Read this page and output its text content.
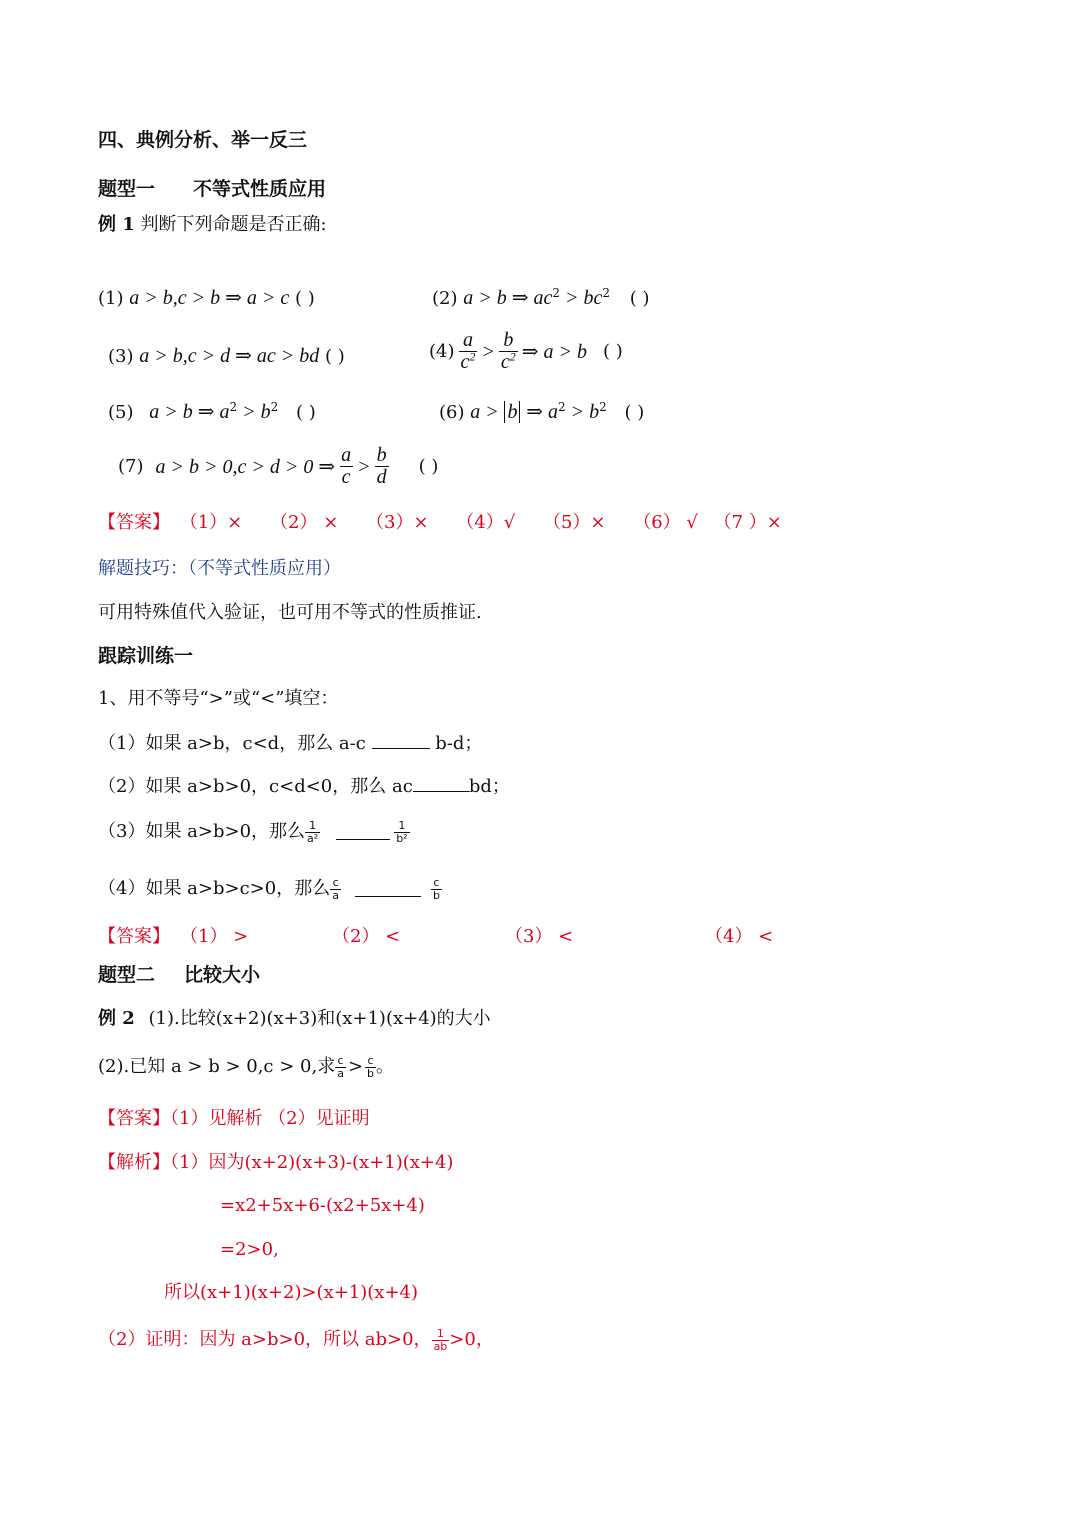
四、典例分析、举一反三
题型一 不等式性质应用
例 1 判断下列命题是否正确:
(1) a > b,c > b ⇒ a > c ( )	(2) a > b ⇒ $ac^2 > bc^2$ ( )
(3) a > b,c > d ⇒ ac > bd ( )	$(4) \frac{a}{c^2} > \frac{b}{c^2}$ ⇒ a > b ( )
(5) a > b ⇒ $a^2 > b^2$ ( )	(6) a > b ⇒ $a^2 > b^2$ ( )
(7) a > b > 0,c > d > 0 ⇒ $\frac{a}{c} > \frac{b}{d}$ ( )
【答案】 （1）× （2） × （3）× （4）√ （5）× （6） √ （7 ）×
解题技巧：（不等式性质应用）
可用特殊值代入验证，也可用不等式的性质推证.
跟踪训练一
1、用不等号“>”或“<”填空：
（1）如果 a>b，c<d，那么 a-c	b-d；
（2）如果 a>b>0，c<d<0，那么 ac	bd；
（3）如果 a>b>0，那么 $\frac{1}{\text{a²}}$	$\frac{1}{\text{b²}}$
（4）如果 a>b>c>0，那么 $\frac{c}{a}$	$\frac{c}{b}$
【答案】 （1） >	（2） <	（3） <	（4） <
题型二 比较大小
例 2 (1).比较(x+2)(x+3)和(x+1)(x+4)的大小
(2).已知 a > b > 0,c > 0,求 $\frac{c}{a} > \frac{c}{b}$ 。
【答案】（1）见解析 （2）见证明
【解析】（1）因为(x+2)(x+3)-(x+1)(x+4)
=x2+5x+6-(x2+5x+4)
=2>0,
所以(x+1)(x+2)>(x+1)(x+4)
（2）证明：因为 a>b>0，所以 ab>0， $\frac{1}{ab} >0$，
